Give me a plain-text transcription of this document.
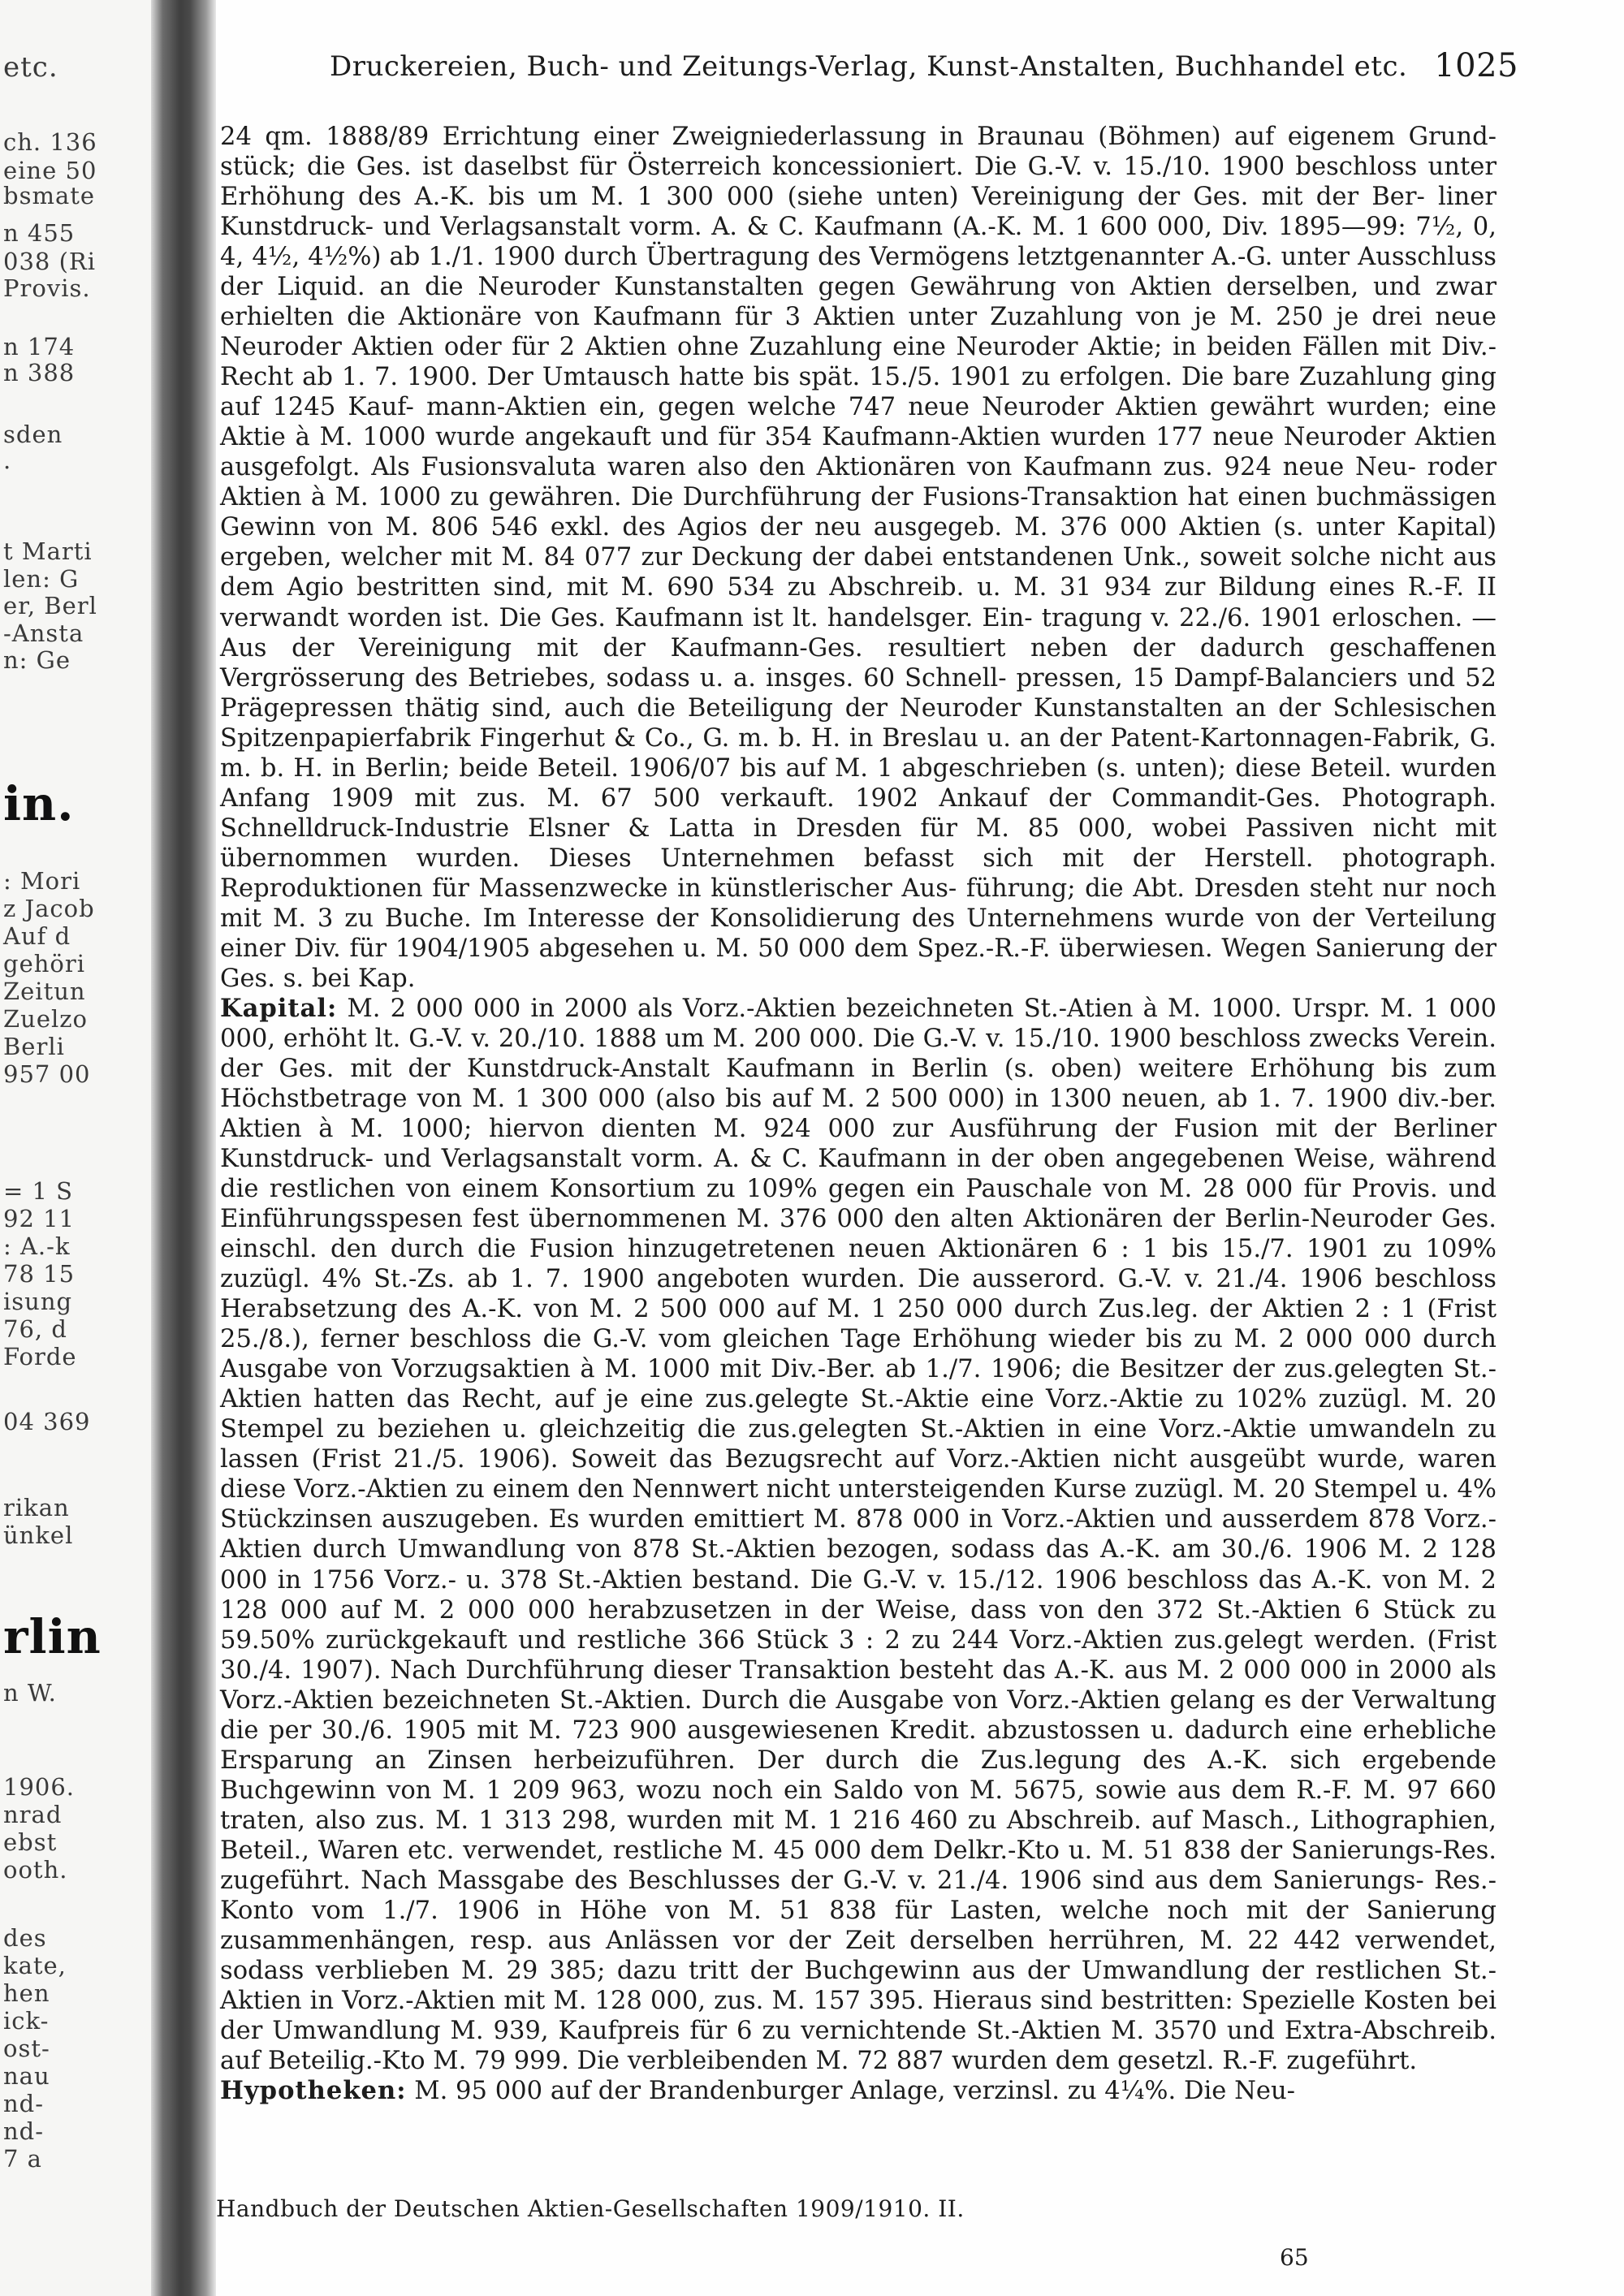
etc.
ch. 136
eine 50
bsmate
n 455
038 (Ri
Provis.
n 174
n 388
sden
.
t Marti
len: G
er, Berl
-Ansta
n: Ge
in.
: Mori
z Jacob
Auf d
gehöri
Zeitun
Zuelzo
Berli
957 00
= 1 S
92 11
: A.-k
78 15
isung
76, d
Forde
04 369
rikan
ünkel
rlin
n W.
1906.
nrad
ebst
ooth.
des
kate,
hen
ick-
ost-
nau
nd-
nd-
7 a
Druckereien, Buch- und Zeitungs-Verlag, Kunst-Anstalten, Buchhandel etc. 1025
24 qm. 1888/89 Errichtung einer Zweigniederlassung in Braunau (Böhmen) auf eigenem Grund- stück; die Ges. ist daselbst für Österreich koncessioniert. Die G.-V. v. 15./10. 1900 beschloss unter Erhöhung des A.-K. bis um M. 1 300 000 (siehe unten) Vereinigung der Ges. mit der Ber- liner Kunstdruck- und Verlagsanstalt vorm. A. & C. Kaufmann (A.-K. M. 1 600 000, Div. 1895—99: 7½, 0, 4, 4½, 4½%) ab 1./1. 1900 durch Übertragung des Vermögens letztgenannter A.-G. unter Ausschluss der Liquid. an die Neuroder Kunstanstalten gegen Gewährung von Aktien derselben, und zwar erhielten die Aktionäre von Kaufmann für 3 Aktien unter Zuzahlung von je M. 250 je drei neue Neuroder Aktien oder für 2 Aktien ohne Zuzahlung eine Neuroder Aktie; in beiden Fällen mit Div.-Recht ab 1. 7. 1900. Der Umtausch hatte bis spät. 15./5. 1901 zu erfolgen. Die bare Zuzahlung ging auf 1245 Kauf- mann-Aktien ein, gegen welche 747 neue Neuroder Aktien gewährt wurden; eine Aktie à M. 1000 wurde angekauft und für 354 Kaufmann-Aktien wurden 177 neue Neuroder Aktien ausgefolgt. Als Fusionsvaluta waren also den Aktionären von Kaufmann zus. 924 neue Neu- roder Aktien à M. 1000 zu gewähren. Die Durchführung der Fusions-Transaktion hat einen buchmässigen Gewinn von M. 806 546 exkl. des Agios der neu ausgegeb. M. 376 000 Aktien (s. unter Kapital) ergeben, welcher mit M. 84 077 zur Deckung der dabei entstandenen Unk., soweit solche nicht aus dem Agio bestritten sind, mit M. 690 534 zu Abschreib. u. M. 31 934 zur Bildung eines R.-F. II verwandt worden ist. Die Ges. Kaufmann ist lt. handelsger. Ein- tragung v. 22./6. 1901 erloschen. — Aus der Vereinigung mit der Kaufmann-Ges. resultiert neben der dadurch geschaffenen Vergrösserung des Betriebes, sodass u. a. insges. 60 Schnell- pressen, 15 Dampf-Balanciers und 52 Prägepressen thätig sind, auch die Beteiligung der Neuroder Kunstanstalten an der Schlesischen Spitzenpapierfabrik Fingerhut & Co., G. m. b. H. in Breslau u. an der Patent-Kartonnagen-Fabrik, G. m. b. H. in Berlin; beide Beteil. 1906/07 bis auf M. 1 abgeschrieben (s. unten); diese Beteil. wurden Anfang 1909 mit zus. M. 67 500 verkauft. 1902 Ankauf der Commandit-Ges. Photograph. Schnelldruck-Industrie Elsner & Latta in Dresden für M. 85 000, wobei Passiven nicht mit übernommen wurden. Dieses Unternehmen befasst sich mit der Herstell. photograph. Reproduktionen für Massenzwecke in künstlerischer Aus- führung; die Abt. Dresden steht nur noch mit M. 3 zu Buche. Im Interesse der Konsolidierung des Unternehmens wurde von der Verteilung einer Div. für 1904/1905 abgesehen u. M. 50 000 dem Spez.-R.-F. überwiesen. Wegen Sanierung der Ges. s. bei Kap.
Kapital: M. 2 000 000 in 2000 als Vorz.-Aktien bezeichneten St.-Atien à M. 1000. Urspr. M. 1 000 000, erhöht lt. G.-V. v. 20./10. 1888 um M. 200 000. Die G.-V. v. 15./10. 1900 beschloss zwecks Verein. der Ges. mit der Kunstdruck-Anstalt Kaufmann in Berlin (s. oben) weitere Erhöhung bis zum Höchstbetrage von M. 1 300 000 (also bis auf M. 2 500 000) in 1300 neuen, ab 1. 7. 1900 div.-ber. Aktien à M. 1000; hiervon dienten M. 924 000 zur Ausführung der Fusion mit der Berliner Kunstdruck- und Verlagsanstalt vorm. A. & C. Kaufmann in der oben angegebenen Weise, während die restlichen von einem Konsortium zu 109% gegen ein Pauschale von M. 28 000 für Provis. und Einführungsspesen fest übernommenen M. 376 000 den alten Aktionären der Berlin-Neuroder Ges. einschl. den durch die Fusion hinzugetretenen neuen Aktionären 6 : 1 bis 15./7. 1901 zu 109% zuzügl. 4% St.-Zs. ab 1. 7. 1900 angeboten wurden. Die ausserord. G.-V. v. 21./4. 1906 beschloss Herabsetzung des A.-K. von M. 2 500 000 auf M. 1 250 000 durch Zus.leg. der Aktien 2 : 1 (Frist 25./8.), ferner beschloss die G.-V. vom gleichen Tage Erhöhung wieder bis zu M. 2 000 000 durch Ausgabe von Vorzugsaktien à M. 1000 mit Div.-Ber. ab 1./7. 1906; die Besitzer der zus.gelegten St.-Aktien hatten das Recht, auf je eine zus.gelegte St.-Aktie eine Vorz.-Aktie zu 102% zuzügl. M. 20 Stempel zu beziehen u. gleichzeitig die zus.gelegten St.-Aktien in eine Vorz.-Aktie umwandeln zu lassen (Frist 21./5. 1906). Soweit das Bezugsrecht auf Vorz.-Aktien nicht ausgeübt wurde, waren diese Vorz.-Aktien zu einem den Nennwert nicht untersteigenden Kurse zuzügl. M. 20 Stempel u. 4% Stückzinsen auszugeben. Es wurden emittiert M. 878 000 in Vorz.-Aktien und ausserdem 878 Vorz.-Aktien durch Umwandlung von 878 St.-Aktien bezogen, sodass das A.-K. am 30./6. 1906 M. 2 128 000 in 1756 Vorz.- u. 378 St.-Aktien bestand. Die G.-V. v. 15./12. 1906 beschloss das A.-K. von M. 2 128 000 auf M. 2 000 000 herabzusetzen in der Weise, dass von den 372 St.-Aktien 6 Stück zu 59.50% zurückgekauft und restliche 366 Stück 3 : 2 zu 244 Vorz.-Aktien zus.gelegt werden. (Frist 30./4. 1907). Nach Durchführung dieser Transaktion besteht das A.-K. aus M. 2 000 000 in 2000 als Vorz.-Aktien bezeichneten St.-Aktien. Durch die Ausgabe von Vorz.-Aktien gelang es der Verwaltung die per 30./6. 1905 mit M. 723 900 ausgewiesenen Kredit. abzustossen u. dadurch eine erhebliche Ersparung an Zinsen herbeizuführen. Der durch die Zus.legung des A.-K. sich ergebende Buchgewinn von M. 1 209 963, wozu noch ein Saldo von M. 5675, sowie aus dem R.-F. M. 97 660 traten, also zus. M. 1 313 298, wurden mit M. 1 216 460 zu Abschreib. auf Masch., Lithographien, Beteil., Waren etc. verwendet, restliche M. 45 000 dem Delkr.-Kto u. M. 51 838 der Sanierungs-Res. zugeführt. Nach Massgabe des Beschlusses der G.-V. v. 21./4. 1906 sind aus dem Sanierungs- Res.-Konto vom 1./7. 1906 in Höhe von M. 51 838 für Lasten, welche noch mit der Sanierung zusammenhängen, resp. aus Anlässen vor der Zeit derselben herrühren, M. 22 442 verwendet, sodass verblieben M. 29 385; dazu tritt der Buchgewinn aus der Umwandlung der restlichen St.-Aktien in Vorz.-Aktien mit M. 128 000, zus. M. 157 395. Hieraus sind bestritten: Spezielle Kosten bei der Umwandlung M. 939, Kaufpreis für 6 zu vernichtende St.-Aktien M. 3570 und Extra-Abschreib. auf Beteilig.-Kto M. 79 999. Die verbleibenden M. 72 887 wurden dem gesetzl. R.-F. zugeführt.
Hypotheken: M. 95 000 auf der Brandenburger Anlage, verzinsl. zu 4¼%. Die Neu-
Handbuch der Deutschen Aktien-Gesellschaften 1909/1910. II.
65
